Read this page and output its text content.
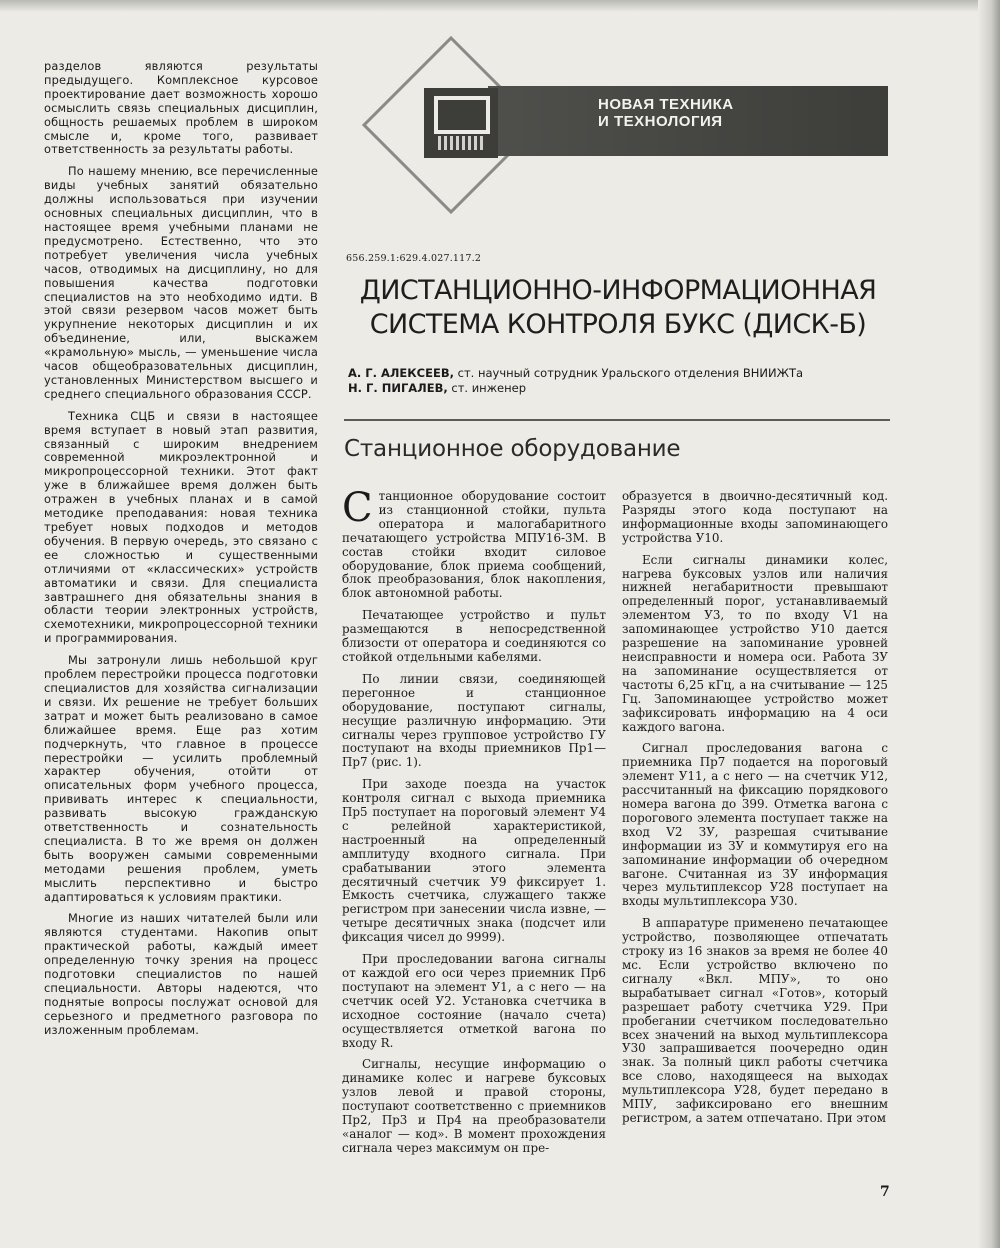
разделов являются результаты предыдущего. Комплексное курсовое проектирование дает возможность хорошо осмыслить связь специальных дисциплин, общность решаемых проблем в широком смысле и, кроме того, развивает ответственность за результаты работы.

По нашему мнению, все перечисленные виды учебных занятий обязательно должны использоваться при изучении основных специальных дисциплин, что в настоящее время учебными планами не предусмотрено. Естественно, что это потребует увеличения числа учебных часов, отводимых на дисциплину, но для повышения качества подготовки специалистов на это необходимо идти. В этой связи резервом часов может быть укрупнение некоторых дисциплин и их объединение, или, выскажем «крамольную» мысль, — уменьшение числа часов общеобразовательных дисциплин, установленных Министерством высшего и среднего специального образования СССР.

Техника СЦБ и связи в настоящее время вступает в новый этап развития, связанный с широким внедрением современной микроэлектронной и микропроцессорной техники. Этот факт уже в ближайшее время должен быть отражен в учебных планах и в самой методике преподавания: новая техника требует новых подходов и методов обучения. В первую очередь, это связано с ее сложностью и существенными отличиями от «классических» устройств автоматики и связи. Для специалиста завтрашнего дня обязательны знания в области теории электронных устройств, схемотехники, микропроцессорной техники и программирования.

Мы затронули лишь небольшой круг проблем перестройки процесса подготовки специалистов для хозяйства сигнализации и связи. Их решение не требует больших затрат и может быть реализовано в самое ближайшее время. Еще раз хотим подчеркнуть, что главное в процессе перестройки — усилить проблемный характер обучения, отойти от описательных форм учебного процесса, прививать интерес к специальности, развивать высокую гражданскую ответственность и сознательность специалиста. В то же время он должен быть вооружен самыми современными методами решения проблем, уметь мыслить перспективно и быстро адаптироваться к условиям практики.

Многие из наших читателей были или являются студентами. Накопив опыт практической работы, каждый имеет определенную точку зрения на процесс подготовки специалистов по нашей специальности. Авторы надеются, что поднятые вопросы послужат основой для серьезного и предметного разговора по изложенным проблемам.

НОВАЯ ТЕХНИКА
И ТЕХНОЛОГИЯ
656.259.1:629.4.027.117.2
ДИСТАНЦИОННО-ИНФОРМАЦИОННАЯ
СИСТЕМА КОНТРОЛЯ БУКС (ДИСК-Б)
А. Г. АЛЕКСЕЕВ, ст. научный сотрудник Уральского отделения ВНИИЖТа
Н. Г. ПИГАЛЕВ, ст. инженер
Станционное оборудование

Станционное оборудование состоит из станционной стойки, пульта оператора и малогабаритного печатающего устройства МПУ16-3М. В состав стойки входит силовое оборудование, блок приема сообщений, блок преобразования, блок накопления, блок автономной работы.

Печатающее устройство и пульт размещаются в непосредственной близости от оператора и соединяются со стойкой отдельными кабелями.

По линии связи, соединяющей перегонное и станционное оборудование, поступают сигналы, несущие различную информацию. Эти сигналы через групповое устройство ГУ поступают на входы приемников Пр1—Пр7 (рис. 1).

При заходе поезда на участок контроля сигнал с выхода приемника Пр5 поступает на пороговый элемент У4 с релейной характеристикой, настроенный на определенный амплитуду входного сигнала. При срабатывании этого элемента десятичный счетчик У9 фиксирует 1. Емкость счетчика, служащего также регистром при занесении числа извне, — четыре десятичных знака (подсчет или фиксация чисел до 9999).

При проследовании вагона сигналы от каждой его оси через приемник Пр6 поступают на элемент У1, а с него — на счетчик осей У2. Установка счетчика в исходное состояние (начало счета) осуществляется отметкой вагона по входу R.

Сигналы, несущие информацию о динамике колес и нагреве буксовых узлов левой и правой стороны, поступают соответственно с приемников Пр2, Пр3 и Пр4 на преобразователи «аналог — код». В момент прохождения сигнала через максимум он пре-

образуется в двоично-десятичный код. Разряды этого кода поступают на информационные входы запоминающего устройства У10.

Если сигналы динамики колес, нагрева буксовых узлов или наличия нижней негабаритности превышают определенный порог, устанавливаемый элементом У3, то по входу V1 на запоминающее устройство У10 дается разрешение на запоминание уровней неисправности и номера оси. Работа ЗУ на запоминание осуществляется от частоты 6,25 кГц, а на считывание — 125 Гц. Запоминающее устройство может зафиксировать информацию на 4 оси каждого вагона.

Сигнал проследования вагона с приемника Пр7 подается на пороговый элемент У11, а с него — на счетчик У12, рассчитанный на фиксацию порядкового номера вагона до 399. Отметка вагона с порогового элемента поступает также на вход V2 ЗУ, разрешая считывание информации из ЗУ и коммутируя его на запоминание информации об очередном вагоне. Считанная из ЗУ информация через мультиплексор У28 поступает на входы мультиплексора У30.

В аппаратуре применено печатающее устройство, позволяющее отпечатать строку из 16 знаков за время не более 40 мс. Если устройство включено по сигналу «Вкл. МПУ», то оно вырабатывает сигнал «Готов», который разрешает работу счетчика У29. При пробегании счетчиком последовательно всех значений на выход мультиплексора У30 запрашивается поочередно один знак. За полный цикл работы счетчика все слово, находящееся на выходах мультиплексора У28, будет передано в МПУ, зафиксировано его внешним регистром, а затем отпечатано. При этом

7
